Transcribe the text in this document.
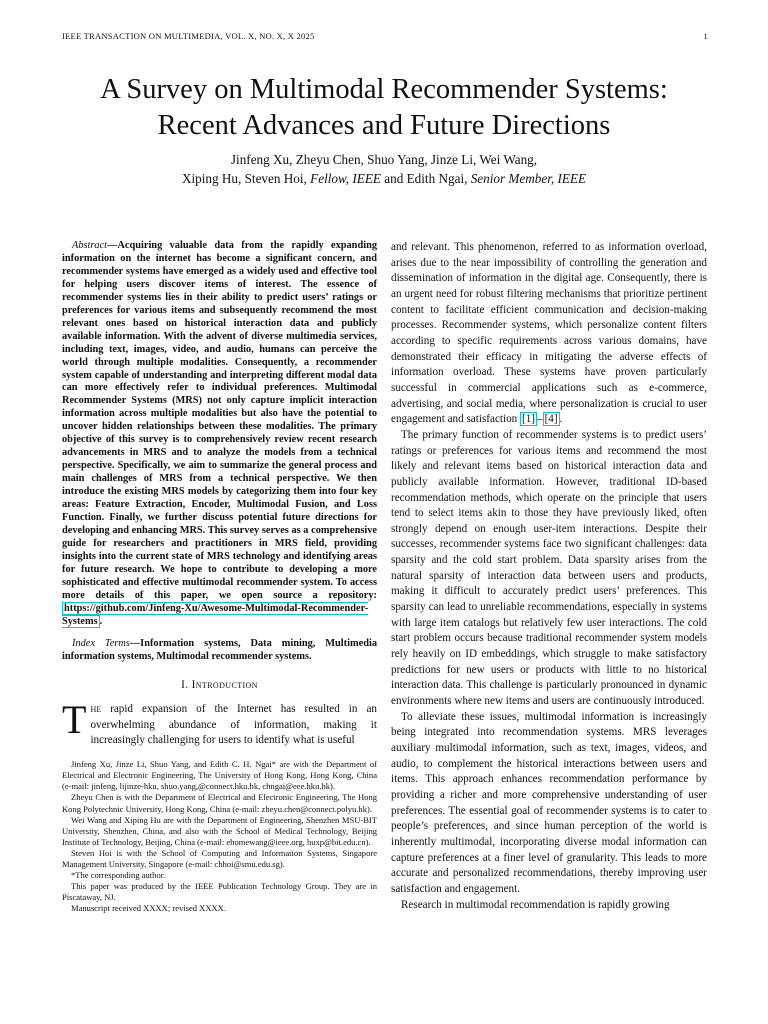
IEEE TRANSACTION ON MULTIMEDIA, VOL. X, NO. X, X 2025	1
A Survey on Multimodal Recommender Systems:
Recent Advances and Future Directions
Jinfeng Xu, Zheyu Chen, Shuo Yang, Jinze Li, Wei Wang,
Xiping Hu, Steven Hoi, Fellow, IEEE and Edith Ngai, Senior Member, IEEE

Abstract—Acquiring valuable data from the rapidly expanding information on the internet has become a significant concern, and recommender systems have emerged as a widely used and effective tool for helping users discover items of interest. The essence of recommender systems lies in their ability to predict users’ ratings or preferences for various items and subsequently recommend the most relevant ones based on historical interaction data and publicly available information. With the advent of diverse multimedia services, including text, images, video, and audio, humans can perceive the world through multiple modalities. Consequently, a recommender system capable of understanding and interpreting different modal data can more effectively refer to individual preferences. Multimodal Recommender Systems (MRS) not only capture implicit interaction information across multiple modalities but also have the potential to uncover hidden relationships between these modalities. The primary objective of this survey is to comprehensively review recent research advancements in MRS and to analyze the models from a technical perspective. Specifically, we aim to summarize the general process and main challenges of MRS from a technical perspective. We then introduce the existing MRS models by categorizing them into four key areas: Feature Extraction, Encoder, Multimodal Fusion, and Loss Function. Finally, we further discuss potential future directions for developing and enhancing MRS. This survey serves as a comprehensive guide for researchers and practitioners in MRS field, providing insights into the current state of MRS technology and identifying areas for future research. We hope to contribute to developing a more sophisticated and effective multimodal recommender system. To access more details of this paper, we open source a repository: https://github.com/Jinfeng-Xu/Awesome-Multimodal-Recommender-Systems .

Index Terms—Information systems, Data mining, Multimedia information systems, Multimodal recommender systems.

I. Introduction

The rapid expansion of the Internet has resulted in an overwhelming abundance of information, making it increasingly challenging for users to identify what is useful

Jinfeng Xu, Jinze Li, Shuo Yang, and Edith C. H. Ngai* are with the Department of Electrical and Electronic Engineering, The University of Hong Kong, Hong Kong, China (e-mail: jinfeng, lijinze-hku, shuo.yang,@connect.hku.hk, chngai@eee.hku.hk).

Zheyu Chen is with the Department of Electrical and Electronic Engineering, The Hong Kong Polytechnic University, Hong Kong, China (e-mail: zheyu.chen@connect.polyu.hk).

Wei Wang and Xiping Hu are with the Department of Engineering, Shenzhen MSU-BIT University, Shenzhen, China, and also with the School of Medical Technology, Beijing Institute of Technology, Beijing, China (e-mail: ehomewang@ieee.org, huxp@bit.edu.cn).

Steven Hoi is with the School of Computing and Information Systems, Singapore Management University, Singapore (e-mail: chhoi@smu.edu.sg).

*The corresponding author.

This paper was produced by the IEEE Publication Technology Group. They are in Piscataway, NJ.

Manuscript received XXXX; revised XXXX.

and relevant. This phenomenon, referred to as information overload, arises due to the near impossibility of controlling the generation and dissemination of information in the digital age. Consequently, there is an urgent need for robust filtering mechanisms that prioritize pertinent content to facilitate efficient communication and decision-making processes. Recommender systems, which personalize content filters according to specific requirements across various domains, have demonstrated their efficacy in mitigating the adverse effects of information overload. These systems have proven particularly successful in commercial applications such as e-commerce, advertising, and social media, where personalization is crucial to user engagement and satisfaction [1] – [4] .

The primary function of recommender systems is to predict users’ ratings or preferences for various items and recommend the most likely and relevant items based on historical interaction data and publicly available information. However, traditional ID-based recommendation methods, which operate on the principle that users tend to select items akin to those they have previously liked, often strongly depend on enough user-item interactions. Despite their successes, recommender systems face two significant challenges: data sparsity and the cold start problem. Data sparsity arises from the natural sparsity of interaction data between users and products, making it difficult to accurately predict users’ preferences. This sparsity can lead to unreliable recommendations, especially in systems with large item catalogs but relatively few user interactions. The cold start problem occurs because traditional recommender system models rely heavily on ID embeddings, which struggle to make satisfactory predictions for new users or products with little to no historical interaction data. This challenge is particularly pronounced in dynamic environments where new items and users are continuously introduced.

To alleviate these issues, multimodal information is increasingly being integrated into recommendation systems. MRS leverages auxiliary multimodal information, such as text, images, videos, and audio, to complement the historical interactions between users and items. This approach enhances recommendation performance by providing a richer and more comprehensive understanding of user preferences. The essential goal of recommender systems is to cater to people’s preferences, and since human perception of the world is inherently multimodal, incorporating diverse modal information can capture preferences at a finer level of granularity. This leads to more accurate and personalized recommendations, thereby improving user satisfaction and engagement.

Research in multimodal recommendation is rapidly growing
